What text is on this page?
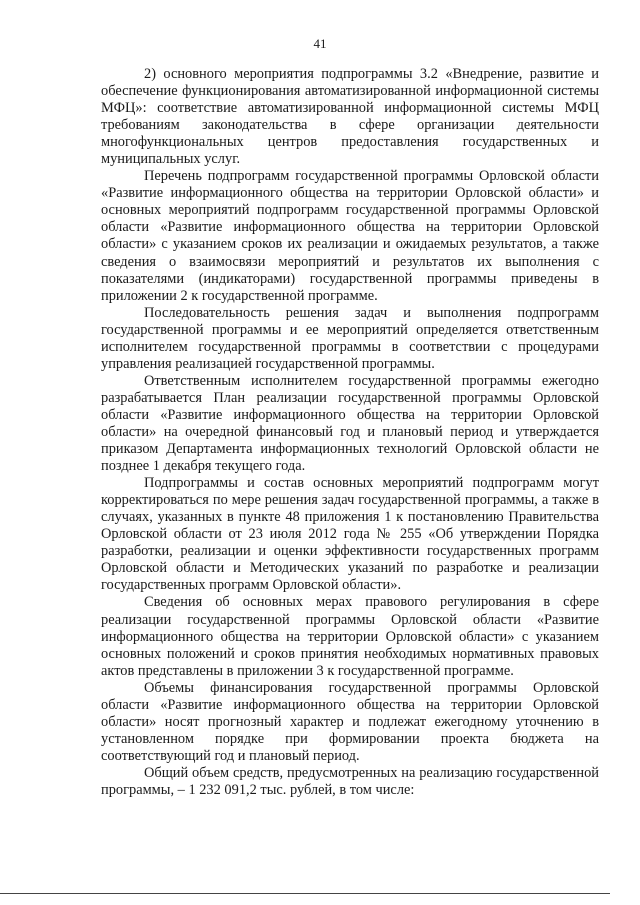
41

2) основного мероприятия подпрограммы 3.2 «Внедрение, развитие и обеспечение функционирования автоматизированной информационной системы МФЦ»: соответствие автоматизированной информационной системы МФЦ требованиям законодательства в сфере организации деятельности многофункциональных центров предоставления государственных и муниципальных услуг.

Перечень подпрограмм государственной программы Орловской области «Развитие информационного общества на территории Орловской области» и основных мероприятий подпрограмм государственной программы Орловской области «Развитие информационного общества на территории Орловской области» с указанием сроков их реализации и ожидаемых результатов, а также сведения о взаимосвязи мероприятий и результатов их выполнения с показателями (индикаторами) государственной программы приведены в приложении 2 к государственной программе.

Последовательность решения задач и выполнения подпрограмм государственной программы и ее мероприятий определяется ответственным исполнителем государственной программы в соответствии с процедурами управления реализацией государственной программы.

Ответственным исполнителем государственной программы ежегодно разрабатывается План реализации государственной программы Орловской области «Развитие информационного общества на территории Орловской области» на очередной финансовый год и плановый период и утверждается приказом Департамента информационных технологий Орловской области не позднее 1 декабря текущего года.

Подпрограммы и состав основных мероприятий подпрограмм могут корректироваться по мере решения задач государственной программы, а также в случаях, указанных в пункте 48 приложения 1 к постановлению Правительства Орловской области от 23 июля 2012 года № 255 «Об утверждении Порядка разработки, реализации и оценки эффективности государственных программ Орловской области и Методических указаний по разработке и реализации государственных программ Орловской области».

Сведения об основных мерах правового регулирования в сфере реализации государственной программы Орловской области «Развитие информационного общества на территории Орловской области» с указанием основных положений и сроков принятия необходимых нормативных правовых актов представлены в приложении 3 к государственной программе.

Объемы финансирования государственной программы Орловской области «Развитие информационного общества на территории Орловской области» носят прогнозный характер и подлежат ежегодному уточнению в установленном порядке при формировании проекта бюджета на соответствующий год и плановый период.

Общий объем средств, предусмотренных на реализацию государственной программы, – 1 232 091,2 тыс. рублей, в том числе:
